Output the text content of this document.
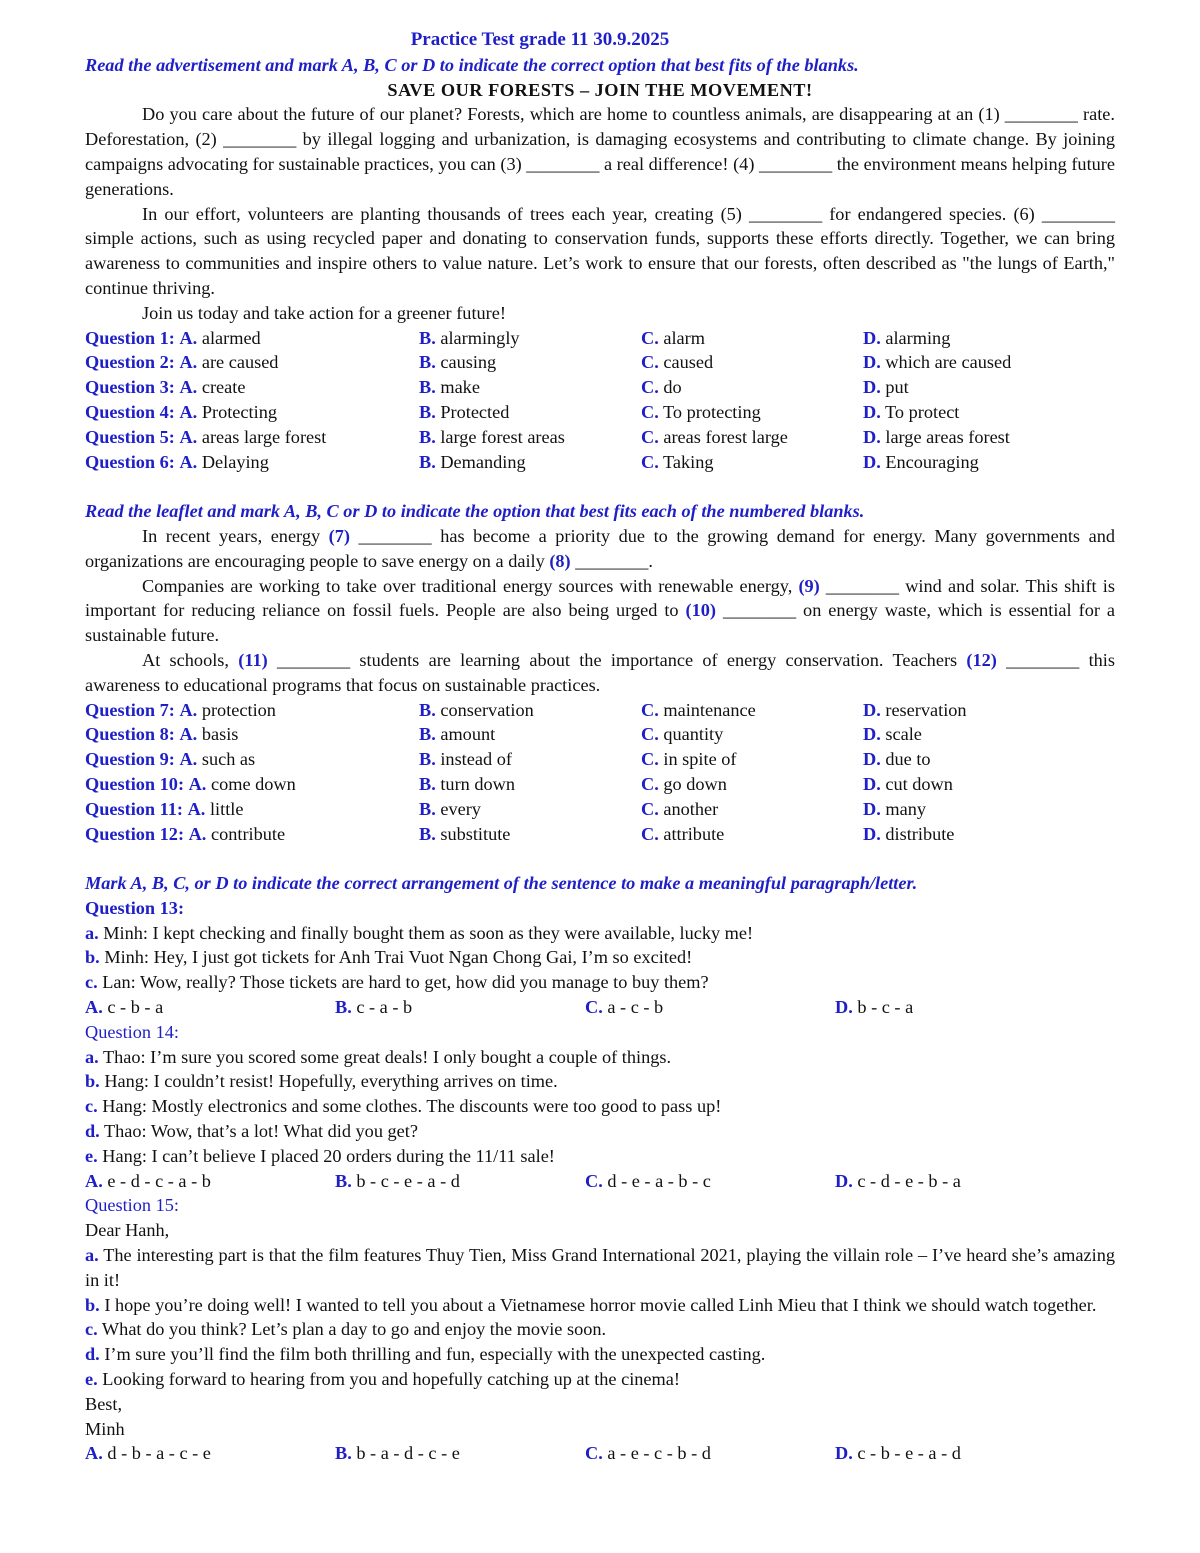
Practice Test grade 11 30.9.2025
Read the advertisement and mark A, B, C or D to indicate the correct option that best fits of the blanks.
SAVE OUR FORESTS – JOIN THE MOVEMENT!

Do you care about the future of our planet? Forests, which are home to countless animals, are disappearing at an (1) ________ rate. Deforestation, (2) ________ by illegal logging and urbanization, is damaging ecosystems and contributing to climate change. By joining campaigns advocating for sustainable practices, you can (3) ________ a real difference! (4) ________ the environment means helping future generations.

In our effort, volunteers are planting thousands of trees each year, creating (5) ________ for endangered species. (6) ________ simple actions, such as using recycled paper and donating to conservation funds, supports these efforts directly. Together, we can bring awareness to communities and inspire others to value nature. Let’s work to ensure that our forests, often described as "the lungs of Earth," continue thriving.

Join us today and take action for a greener future!

Question 1: A. alarmed	B. alarmingly	C. alarm	D. alarming
Question 2: A. are caused	B. causing	C. caused	D. which are caused
Question 3: A. create	B. make	C. do	D. put
Question 4: A. Protecting	B. Protected	C. To protecting	D. To protect
Question 5: A. areas large forest	B. large forest areas	C. areas forest large	D. large areas forest
Question 6: A. Delaying	B. Demanding	C. Taking	D. Encouraging
Read the leaflet and mark A, B, C or D to indicate the option that best fits each of the numbered blanks.

In recent years, energy (7) ________ has become a priority due to the growing demand for energy. Many governments and organizations are encouraging people to save energy on a daily (8) ________.

Companies are working to take over traditional energy sources with renewable energy, (9) ________ wind and solar. This shift is important for reducing reliance on fossil fuels. People are also being urged to (10) ________ on energy waste, which is essential for a sustainable future.

At schools, (11) ________ students are learning about the importance of energy conservation. Teachers (12) ________ this awareness to educational programs that focus on sustainable practices.

Question 7: A. protection	B. conservation	C. maintenance	D. reservation
Question 8: A. basis	B. amount	C. quantity	D. scale
Question 9: A. such as	B. instead of	C. in spite of	D. due to
Question 10: A. come down	B. turn down	C. go down	D. cut down
Question 11: A. little	B. every	C. another	D. many
Question 12: A. contribute	B. substitute	C. attribute	D. distribute
Mark A, B, C, or D to indicate the correct arrangement of the sentence to make a meaningful paragraph/letter.
Question 13:
a. Minh: I kept checking and finally bought them as soon as they were available, lucky me!
b. Minh: Hey, I just got tickets for Anh Trai Vuot Ngan Chong Gai, I’m so excited!
c. Lan: Wow, really? Those tickets are hard to get, how did you manage to buy them?
A. c - b - a	B. c - a - b	C. a - c - b	D. b - c - a
Question 14:
a. Thao: I’m sure you scored some great deals! I only bought a couple of things.
b. Hang: I couldn’t resist! Hopefully, everything arrives on time.
c. Hang: Mostly electronics and some clothes. The discounts were too good to pass up!
d. Thao: Wow, that’s a lot! What did you get?
e. Hang: I can’t believe I placed 20 orders during the 11/11 sale!
A. e - d - c - a - b	B. b - c - e - a - d	C. d - e - a - b - c	D. c - d - e - b - a
Question 15:
Dear Hanh,
a. The interesting part is that the film features Thuy Tien, Miss Grand International 2021, playing the villain role – I’ve heard she’s amazing in it!
b. I hope you’re doing well! I wanted to tell you about a Vietnamese horror movie called Linh Mieu that I think we should watch together.
c. What do you think? Let’s plan a day to go and enjoy the movie soon.
d. I’m sure you’ll find the film both thrilling and fun, especially with the unexpected casting.
e. Looking forward to hearing from you and hopefully catching up at the cinema!
Best,
Minh
A. d - b - a - c - e	B. b - a - d - c - e	C. a - e - c - b - d	D. c - b - e - a - d
